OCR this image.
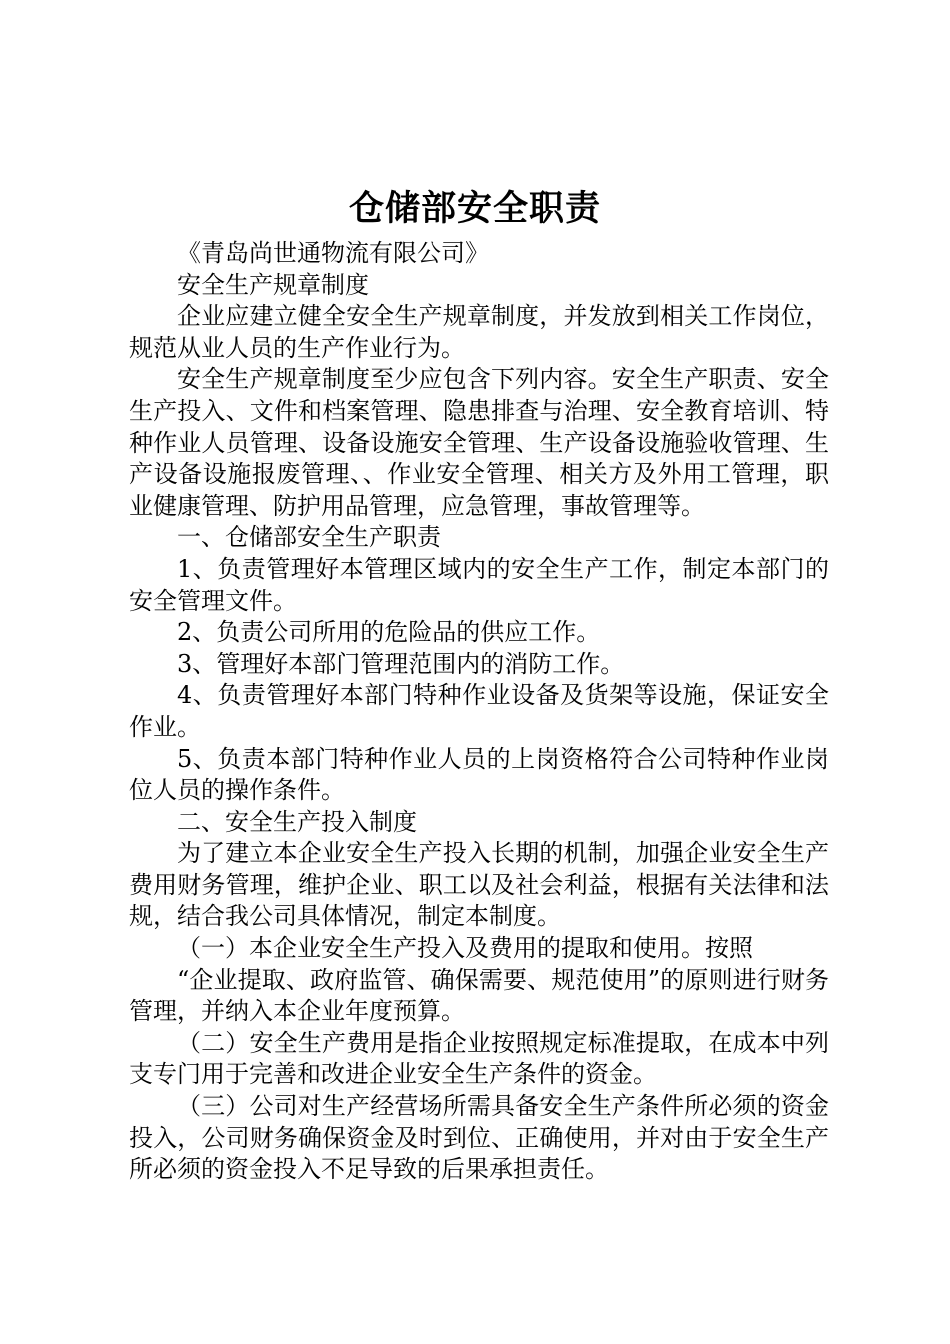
仓储部安全职责

《青岛尚世通物流有限公司》

安全生产规章制度

企业应建立健全安全生产规章制度，并发放到相关工作岗位，规范从业人员的生产作业行为。

安全生产规章制度至少应包含下列内容。安全生产职责、安全生产投入、文件和档案管理、隐患排查与治理、安全教育培训、特种作业人员管理、设备设施安全管理、生产设备设施验收管理、生产设备设施报废管理、、作业安全管理、相关方及外用工管理，职业健康管理、防护用品管理，应急管理，事故管理等。

一、仓储部安全生产职责

1、负责管理好本管理区域内的安全生产工作，制定本部门的安全管理文件。

2、负责公司所用的危险品的供应工作。

3、管理好本部门管理范围内的消防工作。

4、负责管理好本部门特种作业设备及货架等设施，保证安全作业。

5、负责本部门特种作业人员的上岗资格符合公司特种作业岗位人员的操作条件。

二、安全生产投入制度

为了建立本企业安全生产投入长期的机制，加强企业安全生产费用财务管理，维护企业、职工以及社会利益，根据有关法律和法规，结合我公司具体情况，制定本制度。

（一）本企业安全生产投入及费用的提取和使用。按照

“企业提取、政府监管、确保需要、规范使用”的原则进行财务管理，并纳入本企业年度预算。

（二）安全生产费用是指企业按照规定标准提取，在成本中列支专门用于完善和改进企业安全生产条件的资金。

（三）公司对生产经营场所需具备安全生产条件所必须的资金投入，公司财务确保资金及时到位、正确使用，并对由于安全生产所必须的资金投入不足导致的后果承担责任。
